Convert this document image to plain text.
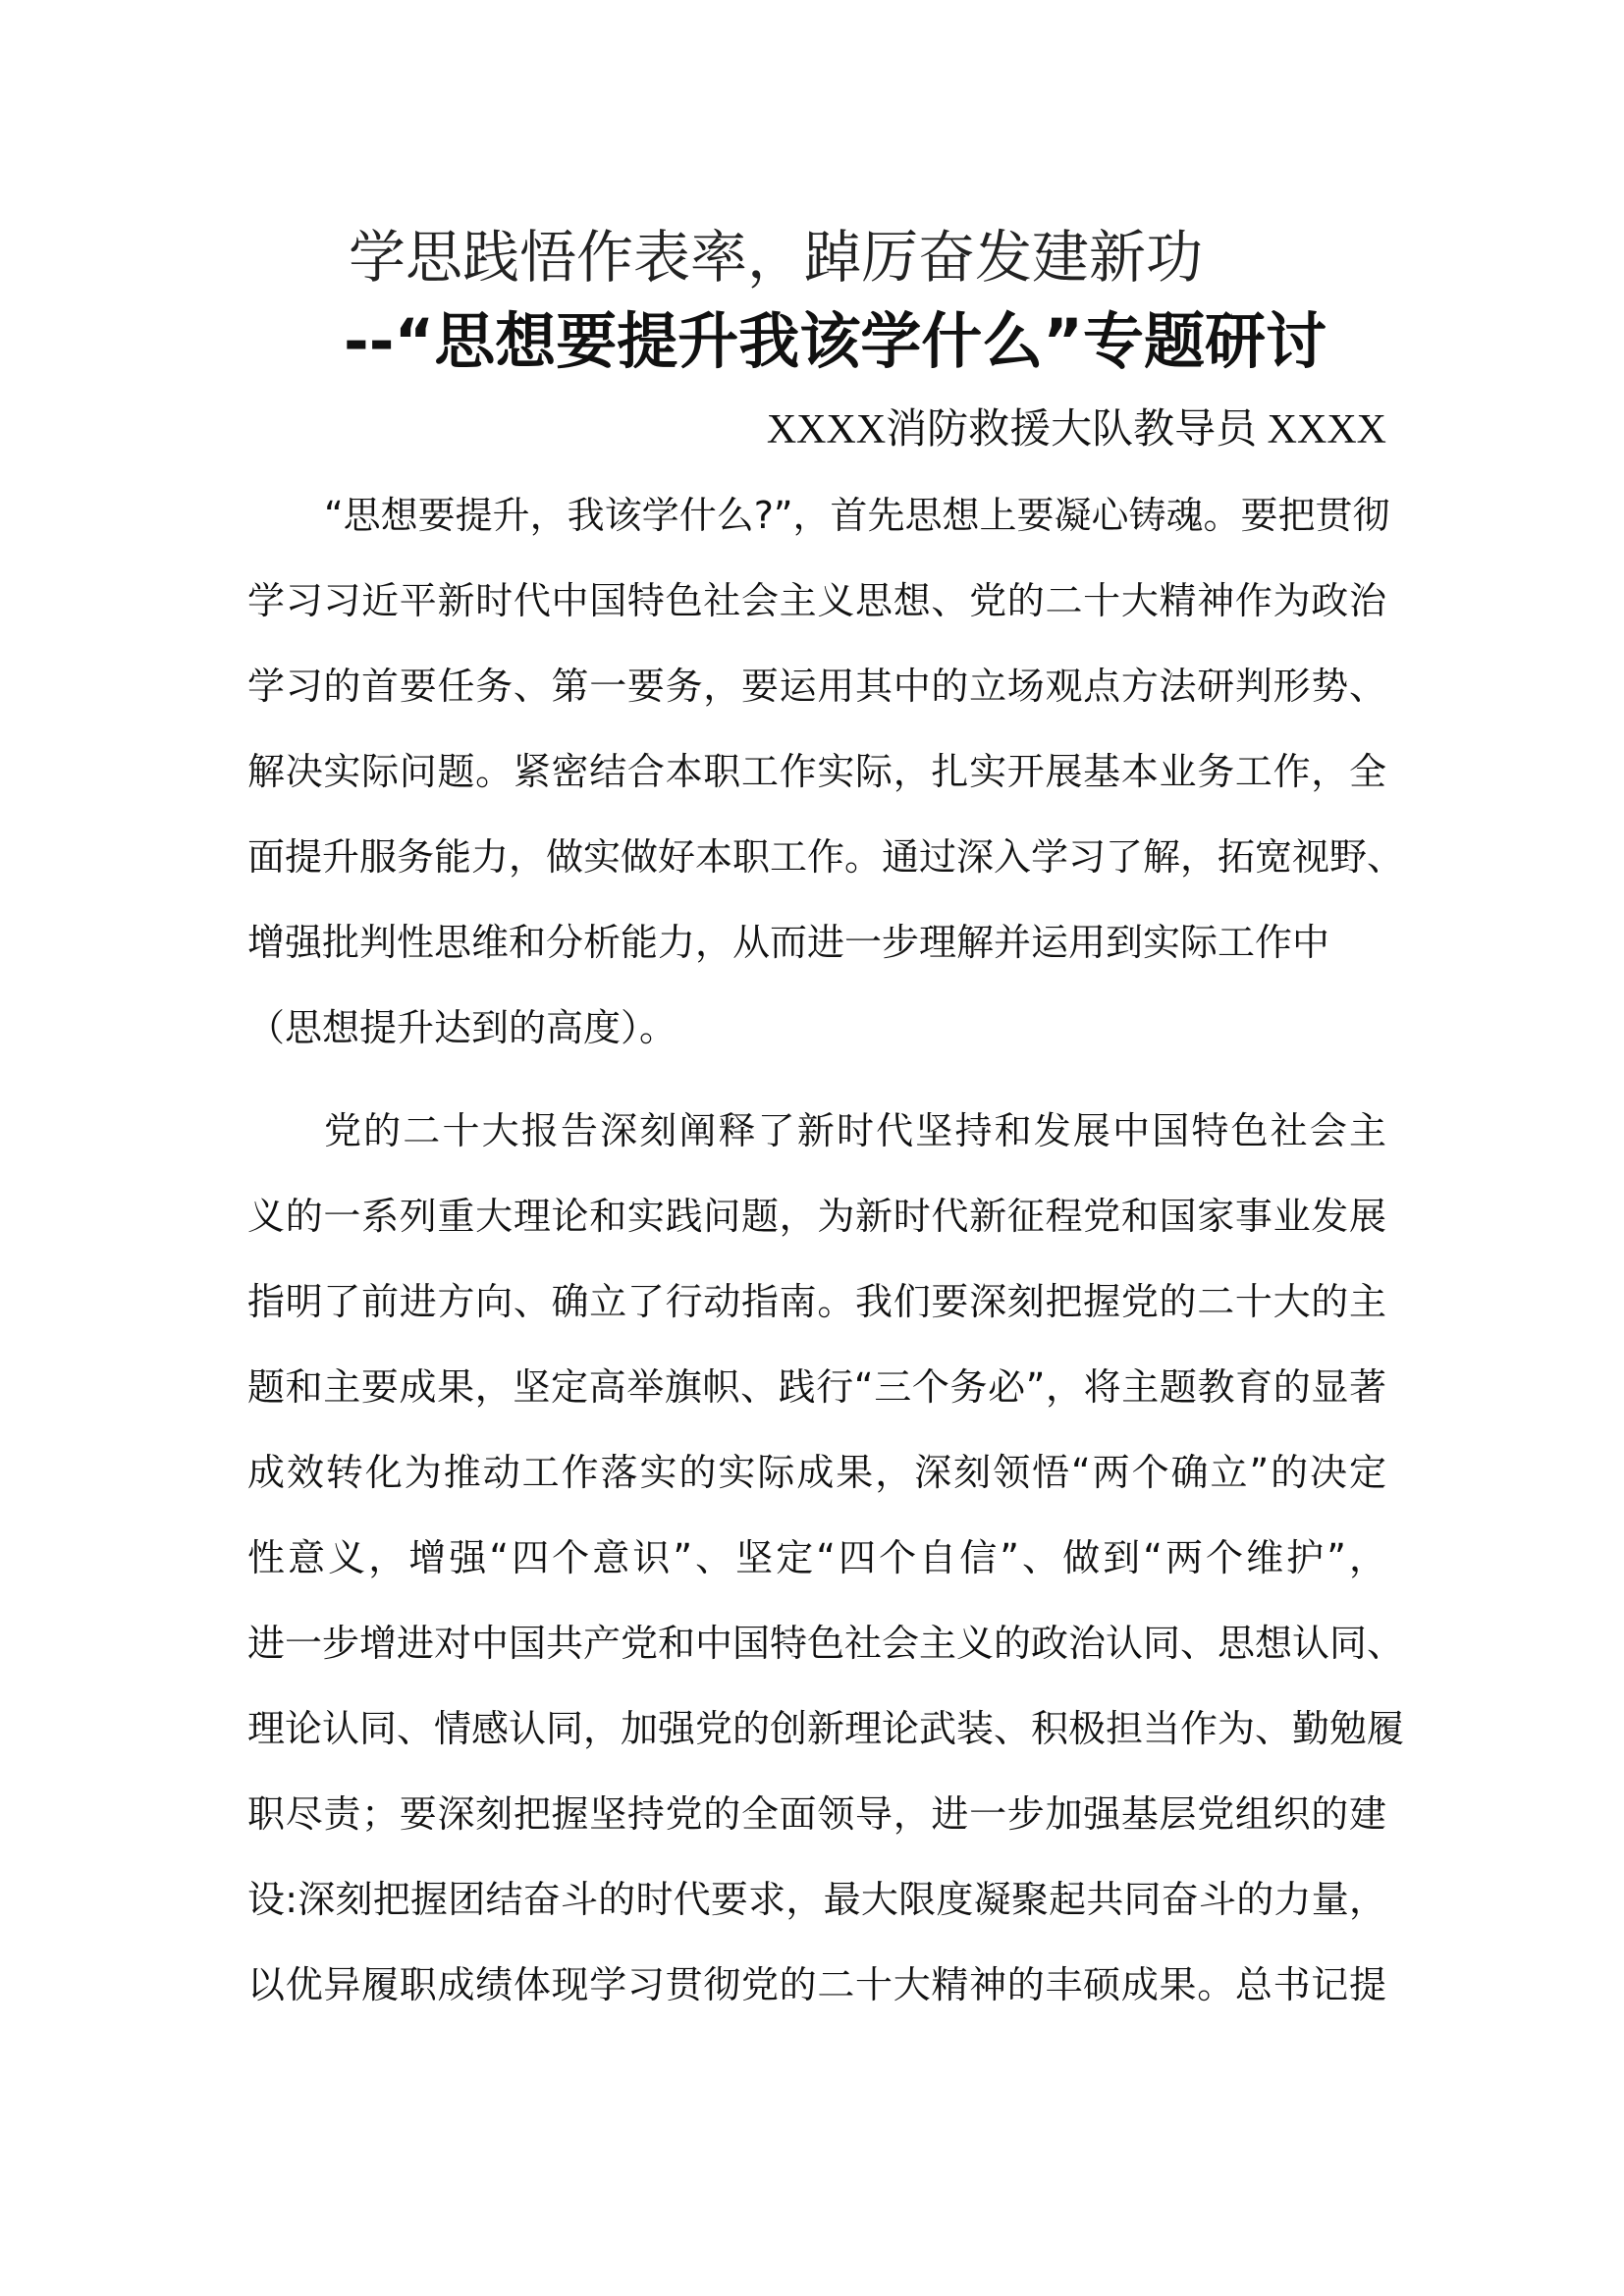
学思践悟作表率，踔厉奋发建新功
--“思想要提升我该学什么”专题研讨
XXXX消防救援大队教导员 XXXX
“思想要提升，我该学什么?”，首先思想上要凝心铸魂。要把贯彻
学习习近平新时代中国特色社会主义思想、党的二十大精神作为政治
学习的首要任务、第一要务，要运用其中的立场观点方法研判形势、
解决实际问题。紧密结合本职工作实际，扎实开展基本业务工作，全
面提升服务能力，做实做好本职工作。通过深入学习了解，拓宽视野、
增强批判性思维和分析能力，从而进一步理解并运用到实际工作中
（思想提升达到的高度）。
党的二十大报告深刻阐释了新时代坚持和发展中国特色社会主
义的一系列重大理论和实践问题，为新时代新征程党和国家事业发展
指明了前进方向、确立了行动指南。我们要深刻把握党的二十大的主
题和主要成果，坚定高举旗帜、践行“三个务必”，将主题教育的显著
成效转化为推动工作落实的实际成果，深刻领悟“两个确立”的决定
性意义，增强“四个意识”、坚定“四个自信”、做到“两个维护”，
进一步增进对中国共产党和中国特色社会主义的政治认同、思想认同、
理论认同、情感认同，加强党的创新理论武装、积极担当作为、勤勉履
职尽责；要深刻把握坚持党的全面领导，进一步加强基层党组织的建
设:深刻把握团结奋斗的时代要求，最大限度凝聚起共同奋斗的力量，
以优异履职成绩体现学习贯彻党的二十大精神的丰硕成果。总书记提
